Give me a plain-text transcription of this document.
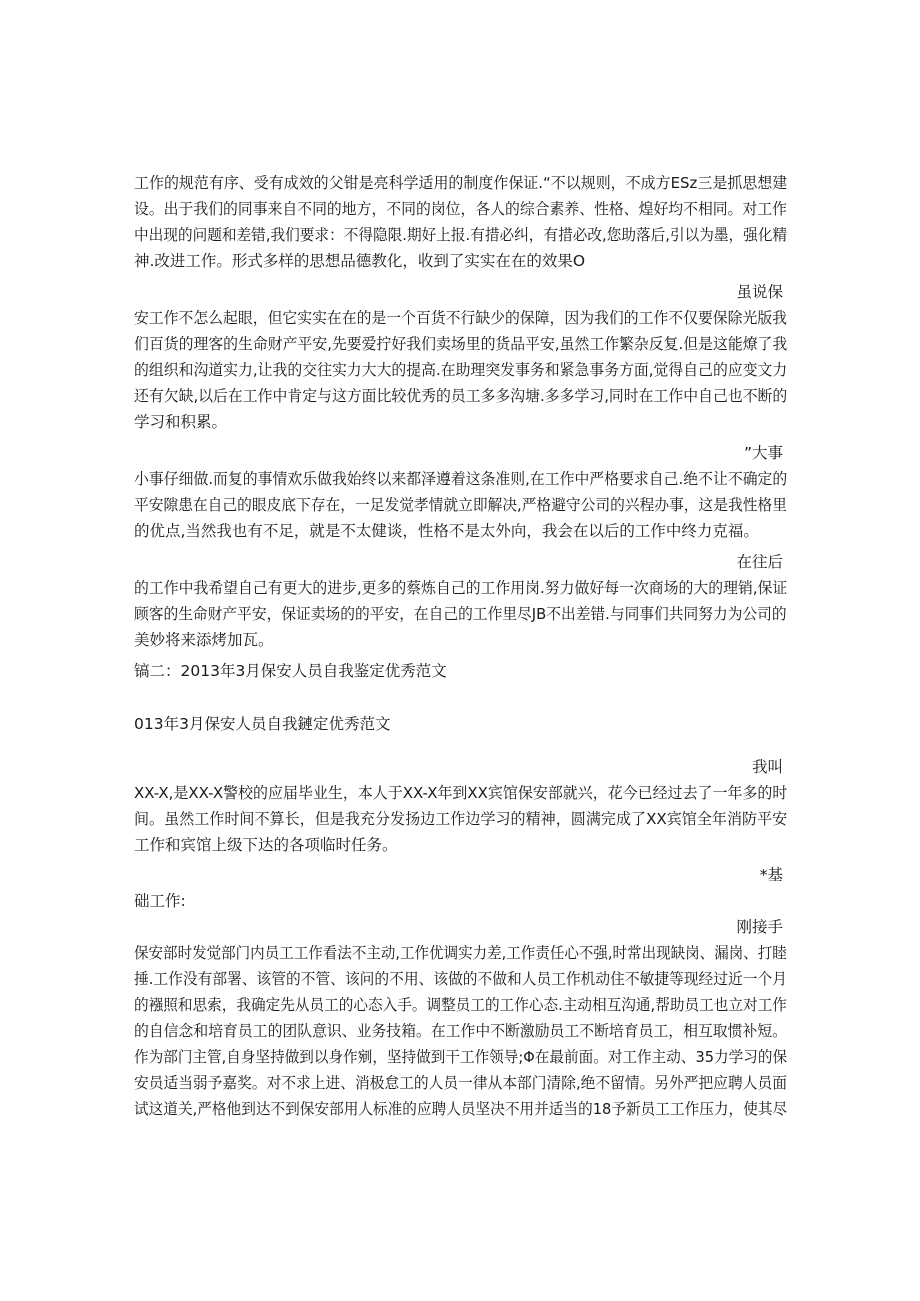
工作的规范有序、受有成效的父钳是亮科学适用的制度作保证.“不以规则，不成方ESz三是抓思想建
设。出于我们的同事来自不同的地方，不同的岗位，各人的综合素养、性格、煌好均不相同。对工作
中出现的问题和差错,我们要求：不得隐限.期好上报.有措必纠，有措必改,您助落后,引以为墨，强化精
神.改进工作。形式多样的思想品德教化，收到了实实在在的效果O
虽说保
安工作不怎么起眼，但它实实在在的是一个百货不行缺少的保障，因为我们的工作不仅要保除光版我
们百货的理客的生命财产平安,先要爱拧好我们卖场里的货品平安,虽然工作繁杂反复.但是这能燎了我
的组织和沟道实力,让我的交往实力大大的提高.在助理突发事务和紧急事务方面,觉得自己的应变文力
还有欠缺,以后在工作中肯定与这方面比较优秀的员工多多沟塘.多多学习,同时在工作中自己也不断的
学习和积累。
”大事
小事仔细做.而复的事情欢乐做我始终以来都泽遵着这条准则,在工作中严格要求自己.绝不让不确定的
平安隙患在自己的眼皮底下存在，一足发觉孝情就立即解决,严格避守公司的兴程办事，这是我性格里
的优点,当然我也有不足，就是不太健谈，性格不是太外向，我会在以后的工作中终力克福。
在往后
的工作中我希望自己有更大的进步,更多的蔡炼自己的工作用岗.努力做好每一次商场的大的理销,保证
顾客的生命财产平安，保证卖场的的平安，在自己的工作里尽JB不出差错.与同事们共同努力为公司的
美妙将来添烤加瓦。
镐二：2013年3月保安人员自我鉴定优秀范文
013年3月保安人员自我鏈定优秀范文
我叫
XX-X,是XX-X警校的应届毕业生，本人于XX-X年到XX宾馆保安部就兴，花今已经过去了一年多的时
间。虽然工作时间不算长，但是我充分发扬边工作边学习的精神，圆满完成了XX宾馆全年消防平安
工作和宾馆上级下达的各项临时任务。
*基
础工作:
刚接手
保安部时发觉部门内员工工作看法不主动,工作优调实力差,工作责任心不强,时常出现缺岗、漏岗、打睦
捶.工作没有部署、该管的不管、该问的不用、该做的不做和人员工作机动住不敏捷等现经过近一个月
的襁照和思索，我确定先从员工的心态入手。调整员工的工作心态.主动相互沟通,帮助员工也立对工作
的自信念和培育员工的团队意识、业务技箱。在工作中不断激励员工不断培育员工，相互取惯补短。
作为部门主管,自身坚持做到以身作剜，坚持做到干工作领导;Φ在最前面。对工作主动、35力学习的保
安员适当弱予嘉奖。对不求上进、消极怠工的人员一律从本部门清除,绝不留情。另外严把应聘人员面
试这道关,严格他到达不到保安部用人标准的应聘人员坚决不用并适当的18予新员工工作压力，使其尽
